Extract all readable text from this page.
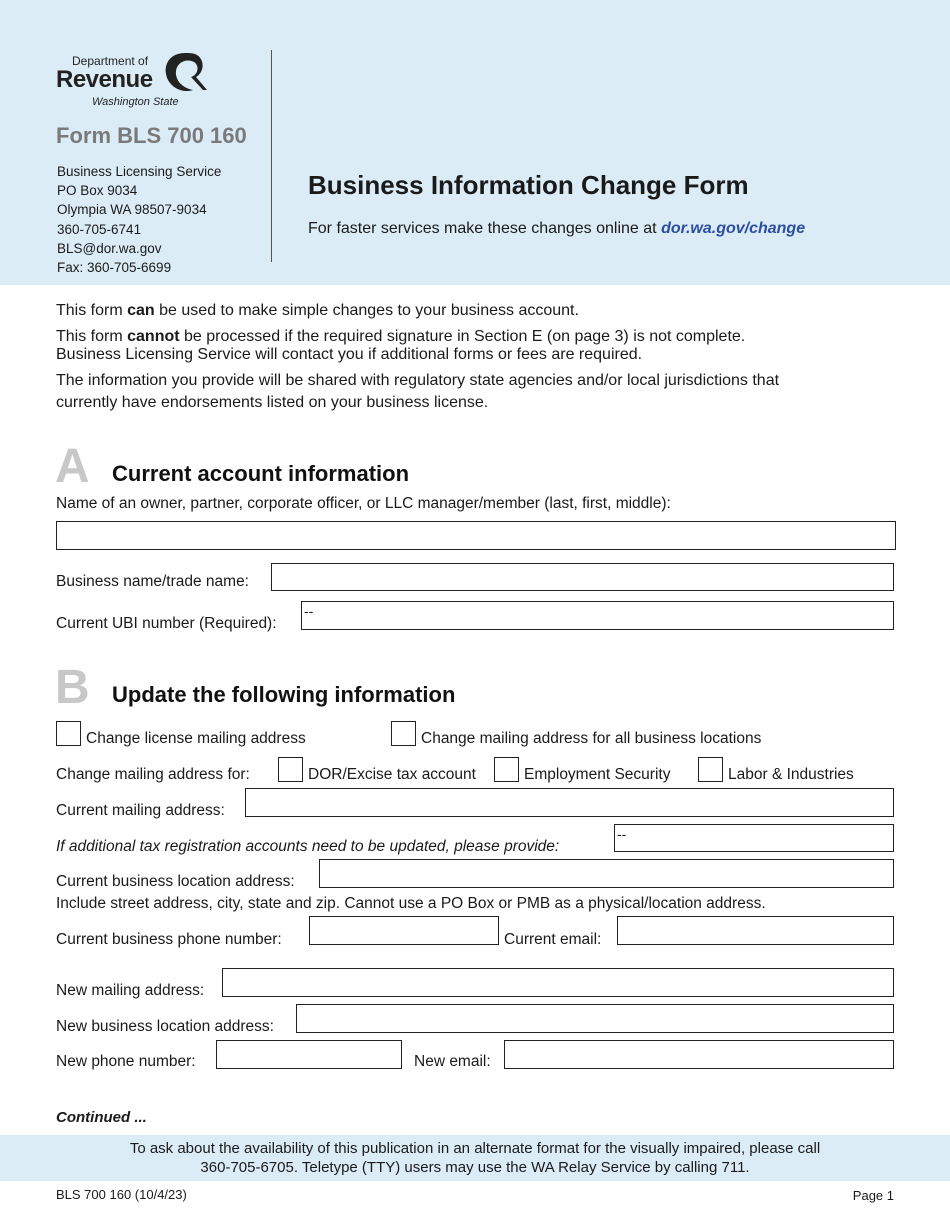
Department of
Revenue
Washington State
Form BLS 700 160
Business Licensing Service
PO Box 9034
Olympia WA 98507-9034
360-705-6741
BLS@dor.wa.gov
Fax: 360-705-6699
Business Information Change Form
For faster services make these changes online at dor.wa.gov/change
This form can be used to make simple changes to your business account.
This form cannot be processed if the required signature in Section E (on page 3) is not complete.
Business Licensing Service will contact you if additional forms or fees are required.
The information you provide will be shared with regulatory state agencies and/or local jurisdictions that
currently have endorsements listed on your business license.
A Current account information
Name of an owner, partner, corporate officer, or LLC manager/member (last, first, middle):
Business name/trade name:
Current UBI number (Required):
--
B Update the following information
Change license mailing address	Change mailing address for all business locations
Change mailing address for:	DOR/Excise tax account	Employment Security	Labor & Industries
Current mailing address:
If additional tax registration accounts need to be updated, please provide:
--
Current business location address:
Include street address, city, state and zip. Cannot use a PO Box or PMB as a physical/location address.
Current business phone number:	Current email:
New mailing address:
New business location address:
New phone number:	New email:
Continued ...
To ask about the availability of this publication in an alternate format for the visually impaired, please call
360-705-6705. Teletype (TTY) users may use the WA Relay Service by calling 711.
BLS 700 160 (10/4/23)	Page 1
